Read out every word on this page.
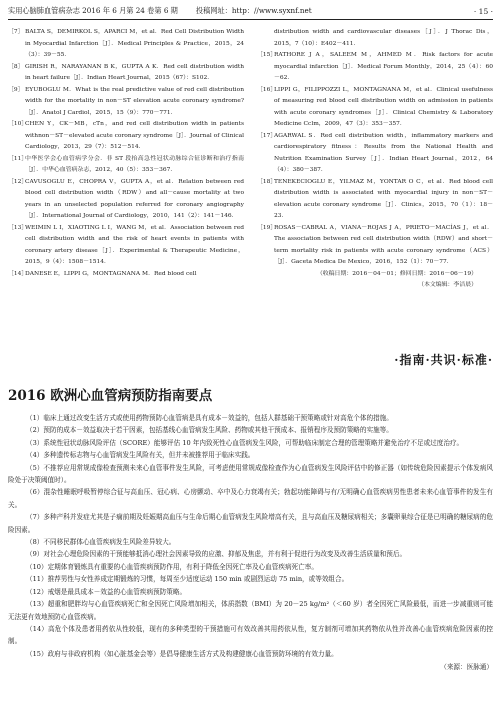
实用心脑肺血管病杂志 2016 年 6 月第 24 卷第 6 期	投稿网址：http：//www.syxnf.net	· 15 ·
［7］ BALTA S，DEMIRKOL S，APARCI M，et al．Red Cell Distribution Width in Myocardial Infarction［J］．Medical Principles & Practice，2015，24（3）：39－55．
［8］ GIRISH R，NARAYANAN B K，GUPTA A K．Red cell distribution width in heart failure［J］．Indian Heart Journal，2015（67）：S102．
［9］ EYUBOGLU M．What is the real predictive value of red cell distribution width for the mortality in non－ST elevation acute coronary syndrome?［J］．Anatol J Cardiol，2015，15（9）：770－771．
［10］
CHEN Y，CK－MB，cTn，and red cell distribution width in patients withnon－ST－elevated acute coronary syndrome［J］．Journal of Clinical Cardiology，2013，29（7）：512－514．
［11］
中华医学会心血管病学分会．非 ST 段抬高急性冠状动脉综合征诊断和治疗指南［J］．中华心血管病杂志，2012，40（5）：353－367．
［12］
CAVUSOGLU E，CHOPRA V，GUPTA A，et al．Relation between red blood cell distribution width（RDW）and all－cause mortality at two years in an unselected population referred for coronary angiography［J］．International Journal of Cardiology，2010，141（2）：141－146．
［13］
WEIMIN L I，XIAOTING L I，WANG M，et al．Association between red cell distribution width and the risk of heart events in patients with coronary artery disease［J］．Experimental & Therapeutic Medicine，2015，9（4）：1508－1514．
［14］
DANESE E，LIPPI G，MONTAGNANA M．Red blood cell
distribution width and cardiovascular diseases［J］．J Thorac Dis，2015，7（10）：E402－411．
［15］
RATHORE J A，SALEEM M，AHMED M．Risk factors for acute myocardial infarction［J］．Medical Forum Monthly，2014，25（4）：60－62．
［16］
LIPPI G，FILIPPOZZI L，MONTAGNANA M，et al．Clinical usefulness of measuring red blood cell distribution width on admission in patients with acute coronary syndromes［J］．Clinical Chemistry & Laboratory Medicine Cclm，2009，47（3）：353－357．
［17］
AGARWAL S．Red cell distribution width，inflammatory markers and cardiorespiratory fitness：Results from the National Health and Nutrition Examination Survey［J］．Indian Heart Journal，2012，64（4）：380－387．
［18］
TENEKECIOGLU E，YILMAZ M，YONTAR O C，et al．Red blood cell distribution width is associated with myocardial injury in non－ST－elevation acute coronary syndrome［J］．Clinics，2015，70（1）：18－23．
［19］
ROSAS－CABRAL A，VIANA－ROJAS J A，PRIETO－MACÍAS J，et al．The association between red cell distribution width（RDW）and short－term mortality risk in patients with acute coronary syndrome（ACS）［J］．Gaceta Medica De Mexico，2016，152（1）：70－77．
（收稿日期：2016－04－01；修回日期：2016－06－19）
（本文编辑：李洁晨）
·指南·共识·标准·
2016 欧洲心血管病预防指南要点
（1）临床上通过改变生活方式或使用药物预防心血管病是具有成本－效益的，包括人群基础干预策略或针对高危个体的措施。
（2）预防的成本－效益取决于若干因素，包括基线心血管病发生风险、药物或其他干预成本、报销程序及预防策略的实施等。
（3）系统性冠状动脉风险评估（SCORE）能够评估 10 年内致死性心血管病发生风险，可帮助临床制定合理的管理策略并避免治疗不足或过度治疗。
（4）多种遗传标志物与心血管病发生风险有关，但并未被推荐用于临床实践。
（5）不推荐应用常规成像检查预测未来心血管事件发生风险，可考虑使用常规成像检查作为心血管病发生风险评估中的修正器（如传统危险因素提示个体发病风险处于决策阈值时）。
（6）混杂性睡眠呼吸暂停综合征与高血压、冠心病、心房颤动、卒中及心力衰竭有关；勃起功能障碍与有/无明确心血管疾病男性患者未来心血管事件的发生有关。
（7）多种产科并发症尤其是子痫前期及妊娠期高血压与生命后期心血管病发生风险增高有关，且与高血压及糖尿病相关；多囊卵巢综合征是已明确的糖尿病的危险因素。
（8）不同移民群体心血管疾病发生风险差异较大。
（9）对社会心理危险因素的干预能够抵消心理社会因素导致的应激、抑郁及焦虑，并有利于促进行为改变及改善生活质量和预后。
（10）定期体育锻炼具有重要的心血管疾病预防作用，有利于降低全因死亡率及心血管疾病死亡率。
（11）推荐男性与女性养成定期锻炼的习惯，每周至少适度运动 150 min 或剧烈运动 75 min，或等效组合。
（12）戒烟是最具成本－效益的心血管疾病预防策略。
（13）超重和肥胖均与心血管疾病死亡和全因死亡风险增加相关，体质指数（BMI）为 20－25 kg/m²（＜60 岁）者全因死亡风险最低，而进一步减重则可能无法更有效地预防心血管疾病。
（14）高危个体及患者用药依从性较低，现有的多种类型的干预措施可有效改善其用药依从性，复方制剂可增加其药物依从性并改善心血管疾病危险因素的控制。
（15）政府与非政府机构（如心脏基金会等）是倡导健康生活方式及构建健康心血管预防环境的有效力量。
（来源：医脉通）
